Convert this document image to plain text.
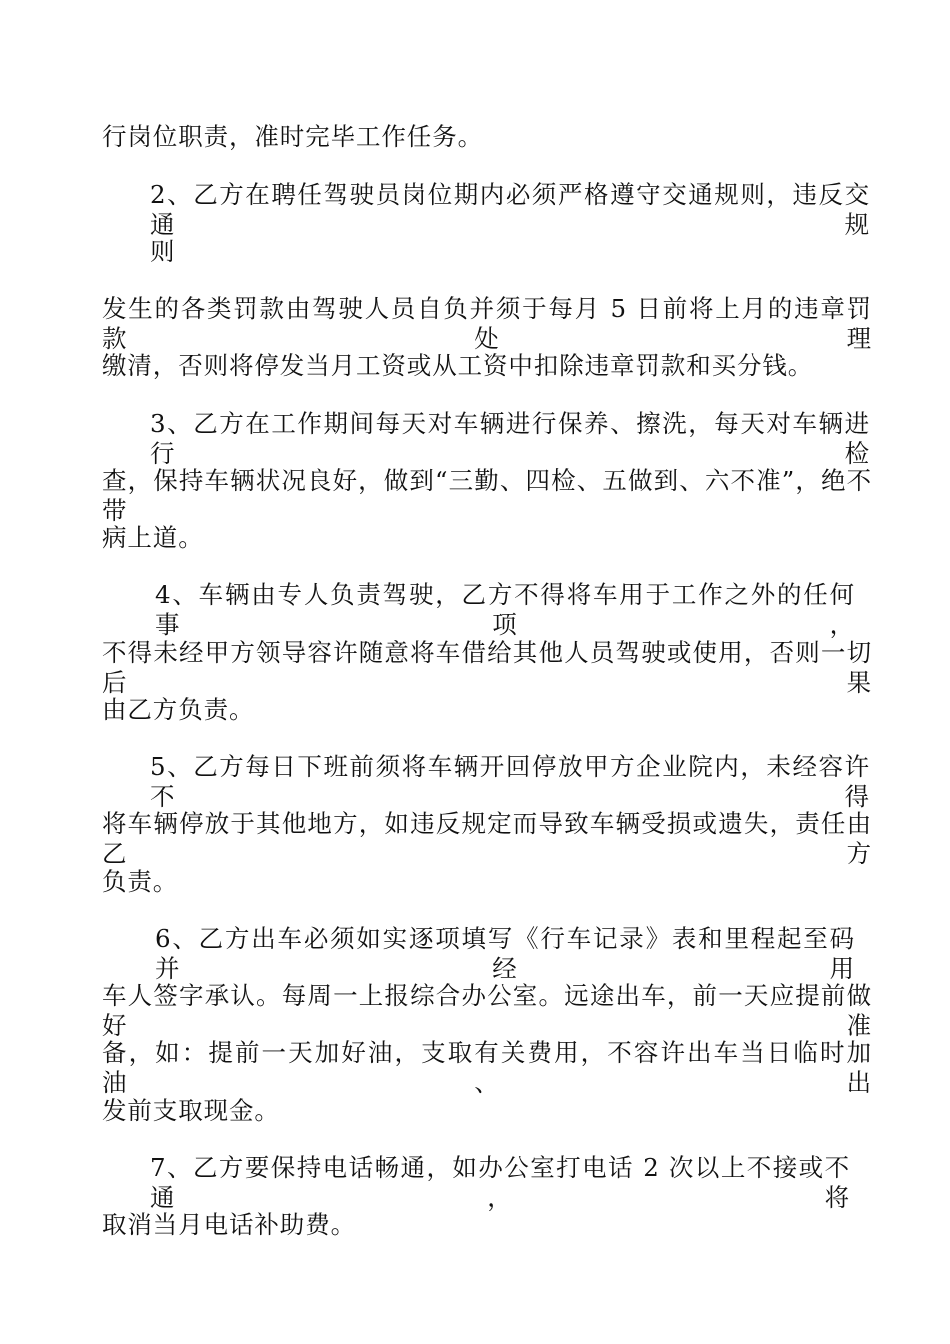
行岗位职责，准时完毕工作任务。
2、乙方在聘任驾驶员岗位期内必须严格遵守交通规则，违反交通规
则
发生的各类罚款由驾驶人员自负并须于每月 5 日前将上月的违章罚款处理
缴清，否则将停发当月工资或从工资中扣除违章罚款和买分钱。
3、乙方在工作期间每天对车辆进行保养、擦洗，每天对车辆进行检
查，保持车辆状况良好，做到“三勤、四检、五做到、六不准”，绝不带
病上道。
4、车辆由专人负责驾驶，乙方不得将车用于工作之外的任何事项，
不得未经甲方领导容许随意将车借给其他人员驾驶或使用，否则一切后果
由乙方负责。
5、乙方每日下班前须将车辆开回停放甲方企业院内，未经容许不得
将车辆停放于其他地方，如违反规定而导致车辆受损或遗失，责任由乙方
负责。
6、乙方出车必须如实逐项填写《行车记录》表和里程起至码并经用
车人签字承认。每周一上报综合办公室。远途出车，前一天应提前做好准
备，如：提前一天加好油，支取有关费用，不容许出车当日临时加油、出
发前支取现金。
7、乙方要保持电话畅通，如办公室打电话 2 次以上不接或不通，将
取消当月电话补助费。
